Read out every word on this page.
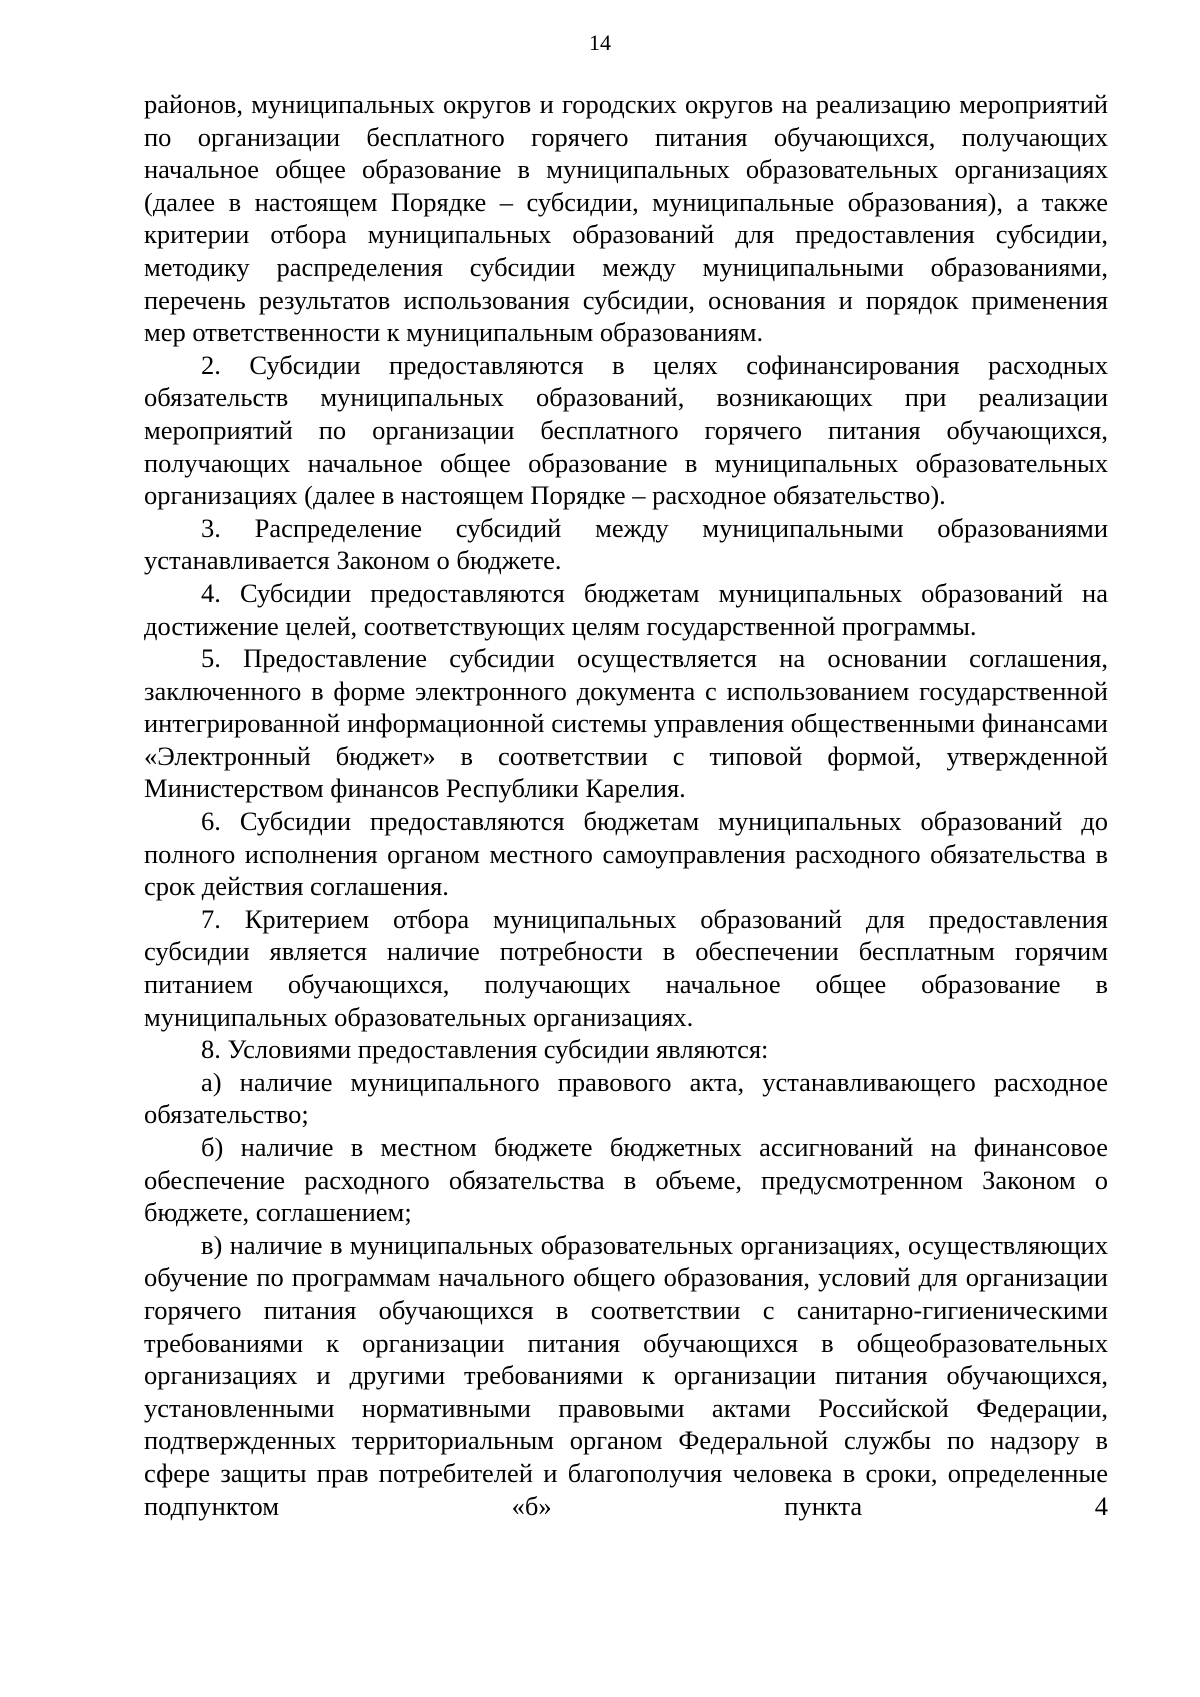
14

районов, муниципальных округов и городских округов на реализацию мероприятий по организации бесплатного горячего питания обучающихся, получающих начальное общее образование в муниципальных образовательных организациях (далее в настоящем Порядке – субсидии, муниципальные образования), а также критерии отбора муниципальных образований для предоставления субсидии, методику распределения субсидии между муниципальными образованиями, перечень результатов использования субсидии, основания и порядок применения мер ответственности к муниципальным образованиям.

2. Субсидии предоставляются в целях софинансирования расходных обязательств муниципальных образований, возникающих при реализации мероприятий по организации бесплатного горячего питания обучающихся, получающих начальное общее образование в муниципальных образовательных организациях (далее в настоящем Порядке – расходное обязательство).

3. Распределение субсидий между муниципальными образованиями устанавливается Законом о бюджете.

4. Субсидии предоставляются бюджетам муниципальных образований на достижение целей, соответствующих целям государственной программы.

5. Предоставление субсидии осуществляется на основании соглашения, заключенного в форме электронного документа с использованием государственной интегрированной информационной системы управления общественными финансами «Электронный бюджет» в соответствии с типовой формой, утвержденной Министерством финансов Республики Карелия.

6. Субсидии предоставляются бюджетам муниципальных образований до полного исполнения органом местного самоуправления расходного обязательства в срок действия соглашения.

7. Критерием отбора муниципальных образований для предоставления субсидии является наличие потребности в обеспечении бесплатным горячим питанием обучающихся, получающих начальное общее образование в муниципальных образовательных организациях.

8. Условиями предоставления субсидии являются:

а) наличие муниципального правового акта, устанавливающего расходное обязательство;

б) наличие в местном бюджете бюджетных ассигнований на финансовое обеспечение расходного обязательства в объеме, предусмотренном Законом о бюджете, соглашением;

в) наличие в муниципальных образовательных организациях, осуществляющих обучение по программам начального общего образования, условий для организации горячего питания обучающихся в соответствии с санитарно-гигиеническими требованиями к организации питания обучающихся в общеобразовательных организациях и другими требованиями к организации питания обучающихся, установленными нормативными правовыми актами Российской Федерации, подтвержденных территориальным органом Федеральной службы по надзору в сфере защиты прав потребителей и благополучия человека в сроки, определенные подпунктом «б» пункта 4
